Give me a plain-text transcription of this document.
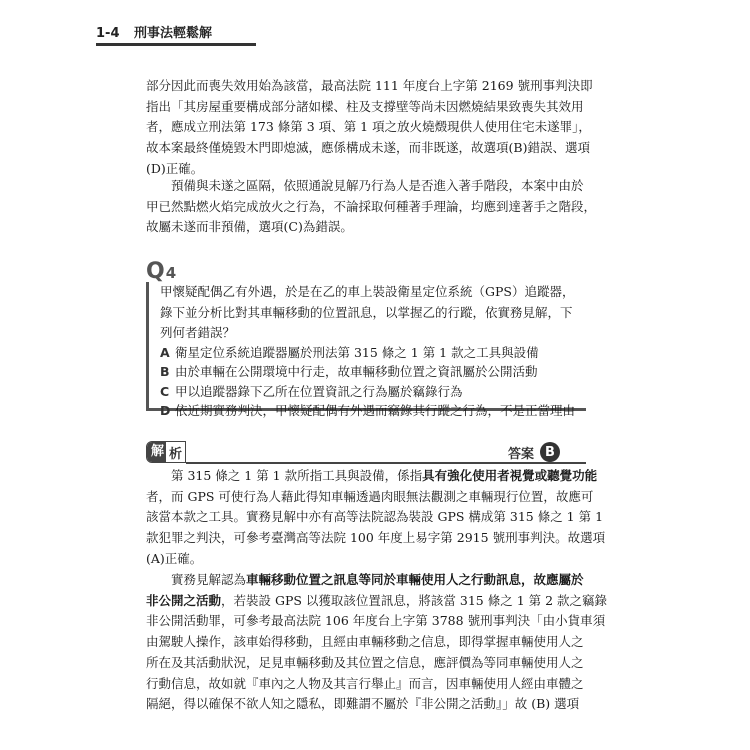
1-4 刑事法輕鬆解
部分因此而喪失效用始為該當，最高法院 111 年度台上字第 2169 號刑事判決即
指出「其房屋重要構成部分諸如樑、柱及支撐壁等尚未因燃燒結果致喪失其效用
者，應成立刑法第 173 條第 3 項、第 1 項之放火燒燬現供人使用住宅未遂罪」，
故本案最終僅燒毀木門即熄滅，應係構成未遂，而非既遂，故選項(B)錯誤、選項
(D)正確。
預備與未遂之區隔，依照通說見解乃行為人是否進入著手階段，本案中由於
甲已然點燃火焰完成放火之行為，不論採取何種著手理論，均應到達著手之階段，
故屬未遂而非預備，選項(C)為錯誤。
Q4
甲懷疑配偶乙有外遇，於是在乙的車上裝設衛星定位系統（GPS）追蹤器， 錄下並分析比對其車輛移動的位置訊息，以掌握乙的行蹤，依實務見解，下 列何者錯誤？
A 衛星定位系統追蹤器屬於刑法第 315 條之 1 第 1 款之工具與設備
B 由於車輛在公開環境中行走，故車輛移動位置之資訊屬於公開活動
C 甲以追蹤器錄下乙所在位置資訊之行為屬於竊錄行為
D 依近期實務判決，甲懷疑配偶有外遇而竊錄其行蹤之行為，不是正當理由
解 析	答案 B
第 315 條之 1 第 1 款所指工具與設備，係指具有強化使用者視覺或聽覺功能
者，而 GPS 可使行為人藉此得知車輛透過肉眼無法觀測之車輛現行位置，故應可
該當本款之工具。實務見解中亦有高等法院認為裝設 GPS 構成第 315 條之 1 第 1
款犯罪之判決，可參考臺灣高等法院 100 年度上易字第 2915 號刑事判決。故選項
(A)正確。
實務見解認為車輛移動位置之訊息等同於車輛使用人之行動訊息，故應屬於
非公開之活動，若裝設 GPS 以獲取該位置訊息，將該當 315 條之 1 第 2 款之竊錄
非公開活動罪，可參考最高法院 106 年度台上字第 3788 號刑事判決「由小貨車須
由駕駛人操作，該車始得移動，且經由車輛移動之信息，即得掌握車輛使用人之
所在及其活動狀況，足見車輛移動及其位置之信息，應評價為等同車輛使用人之
行動信息，故如就『車內之人物及其言行舉止』而言，因車輛使用人經由車體之
隔絕，得以確保不欲人知之隱私，即難謂不屬於『非公開之活動』」故 (B) 選項
